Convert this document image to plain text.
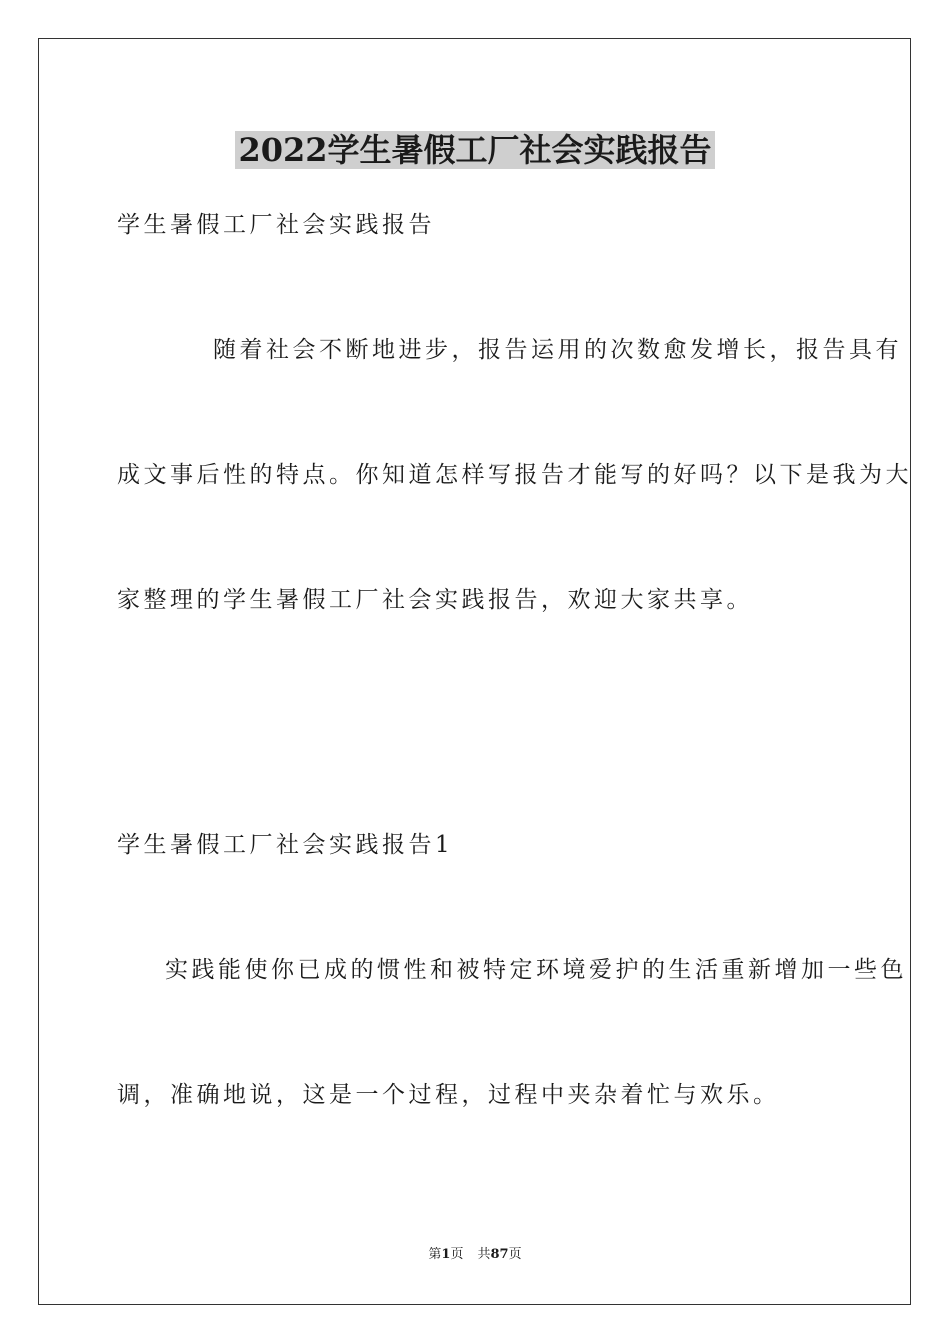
2022学生暑假工厂社会实践报告

学生暑假工厂社会实践报告

随着社会不断地进步，报告运用的次数愈发增长，报告具有

成文事后性的特点。你知道怎样写报告才能写的好吗？以下是我为大

家整理的学生暑假工厂社会实践报告，欢迎大家共享。

学生暑假工厂社会实践报告1

实践能使你已成的惯性和被特定环境爱护的生活重新增加一些色

调，准确地说，这是一个过程，过程中夹杂着忙与欢乐。

第1页 共87页
